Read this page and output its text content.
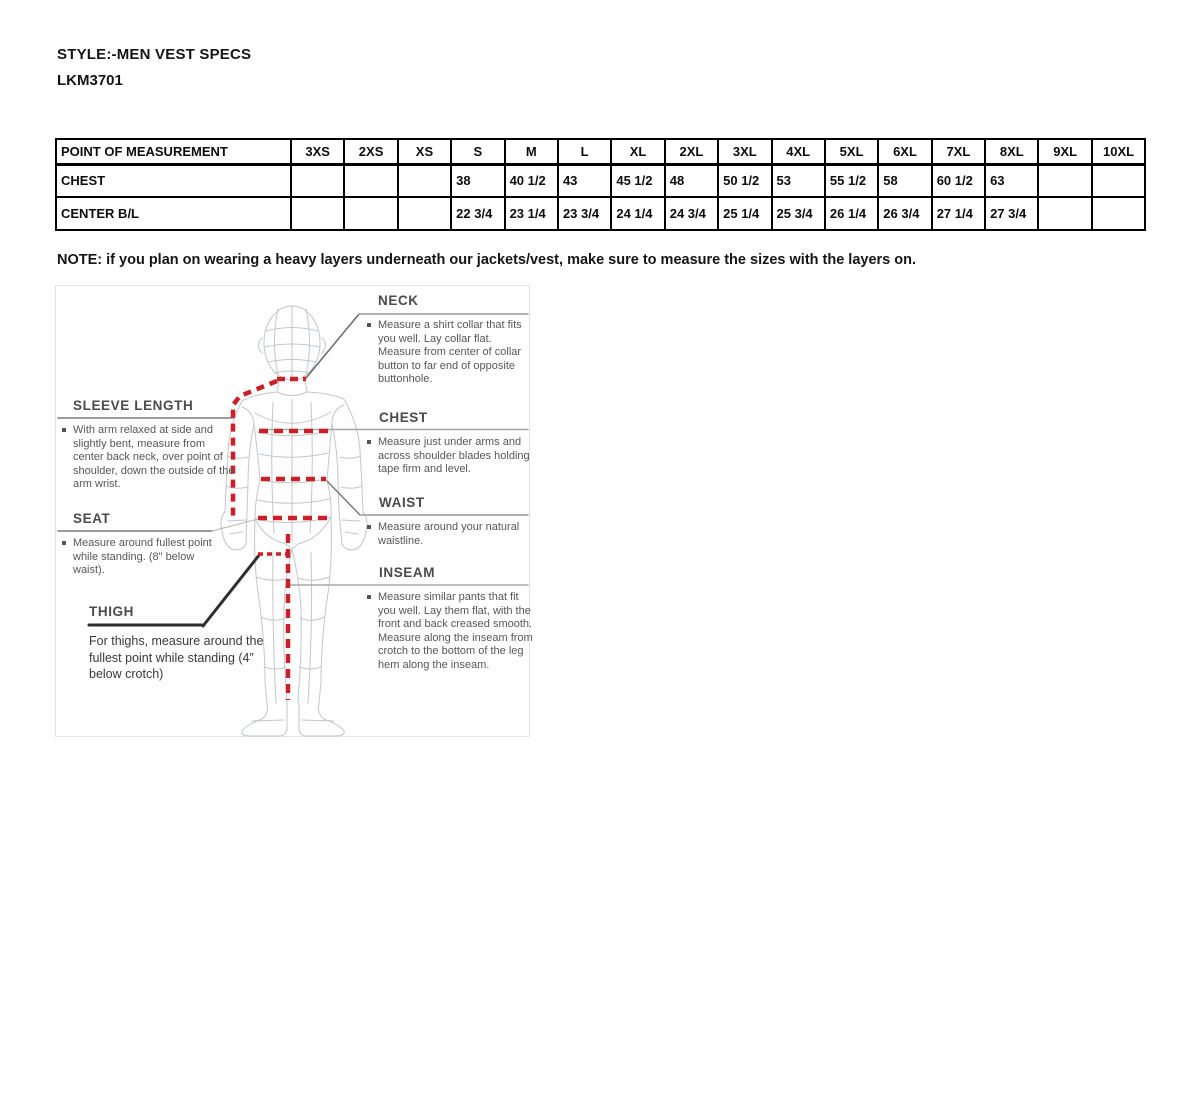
STYLE:-MEN VEST SPECS
LKM3701
POINT OF MEASUREMENT	3XS	2XS	XS	S	M	L	XL	2XL	3XL	4XL	5XL	6XL	7XL	8XL	9XL	10XL
CHEST				38	40 1/2	43	45 1/2	48	50 1/2	53	55 1/2	58	60 1/2	63		
CENTER B/L				22 3/4	23 1/4	23 3/4	24 1/4	24 3/4	25 1/4	25 3/4	26 1/4	26 3/4	27 1/4	27 3/4		
NOTE: if you plan on wearing a heavy layers underneath our jackets/vest, make sure to measure the sizes with the layers on.
NECK
Measure a shirt collar that fits you well. Lay collar flat. Measure from center of collar button to far end of opposite buttonhole.
SLEEVE LENGTH
With arm relaxed at side and slightly bent, measure from center back neck, over point of shoulder, down the outside of the arm wrist.
CHEST
Measure just under arms and across shoulder blades holding tape firm and level.
WAIST
Measure around your natural waistline.
SEAT
Measure around fullest point while standing. (8" below waist).
THIGH
For thighs, measure around the fullest point while standing (4” below crotch)
INSEAM
Measure similar pants that fit you well. Lay them flat, with the front and back creased smooth. Measure along the inseam from crotch to the bottom of the leg hem along the inseam.
